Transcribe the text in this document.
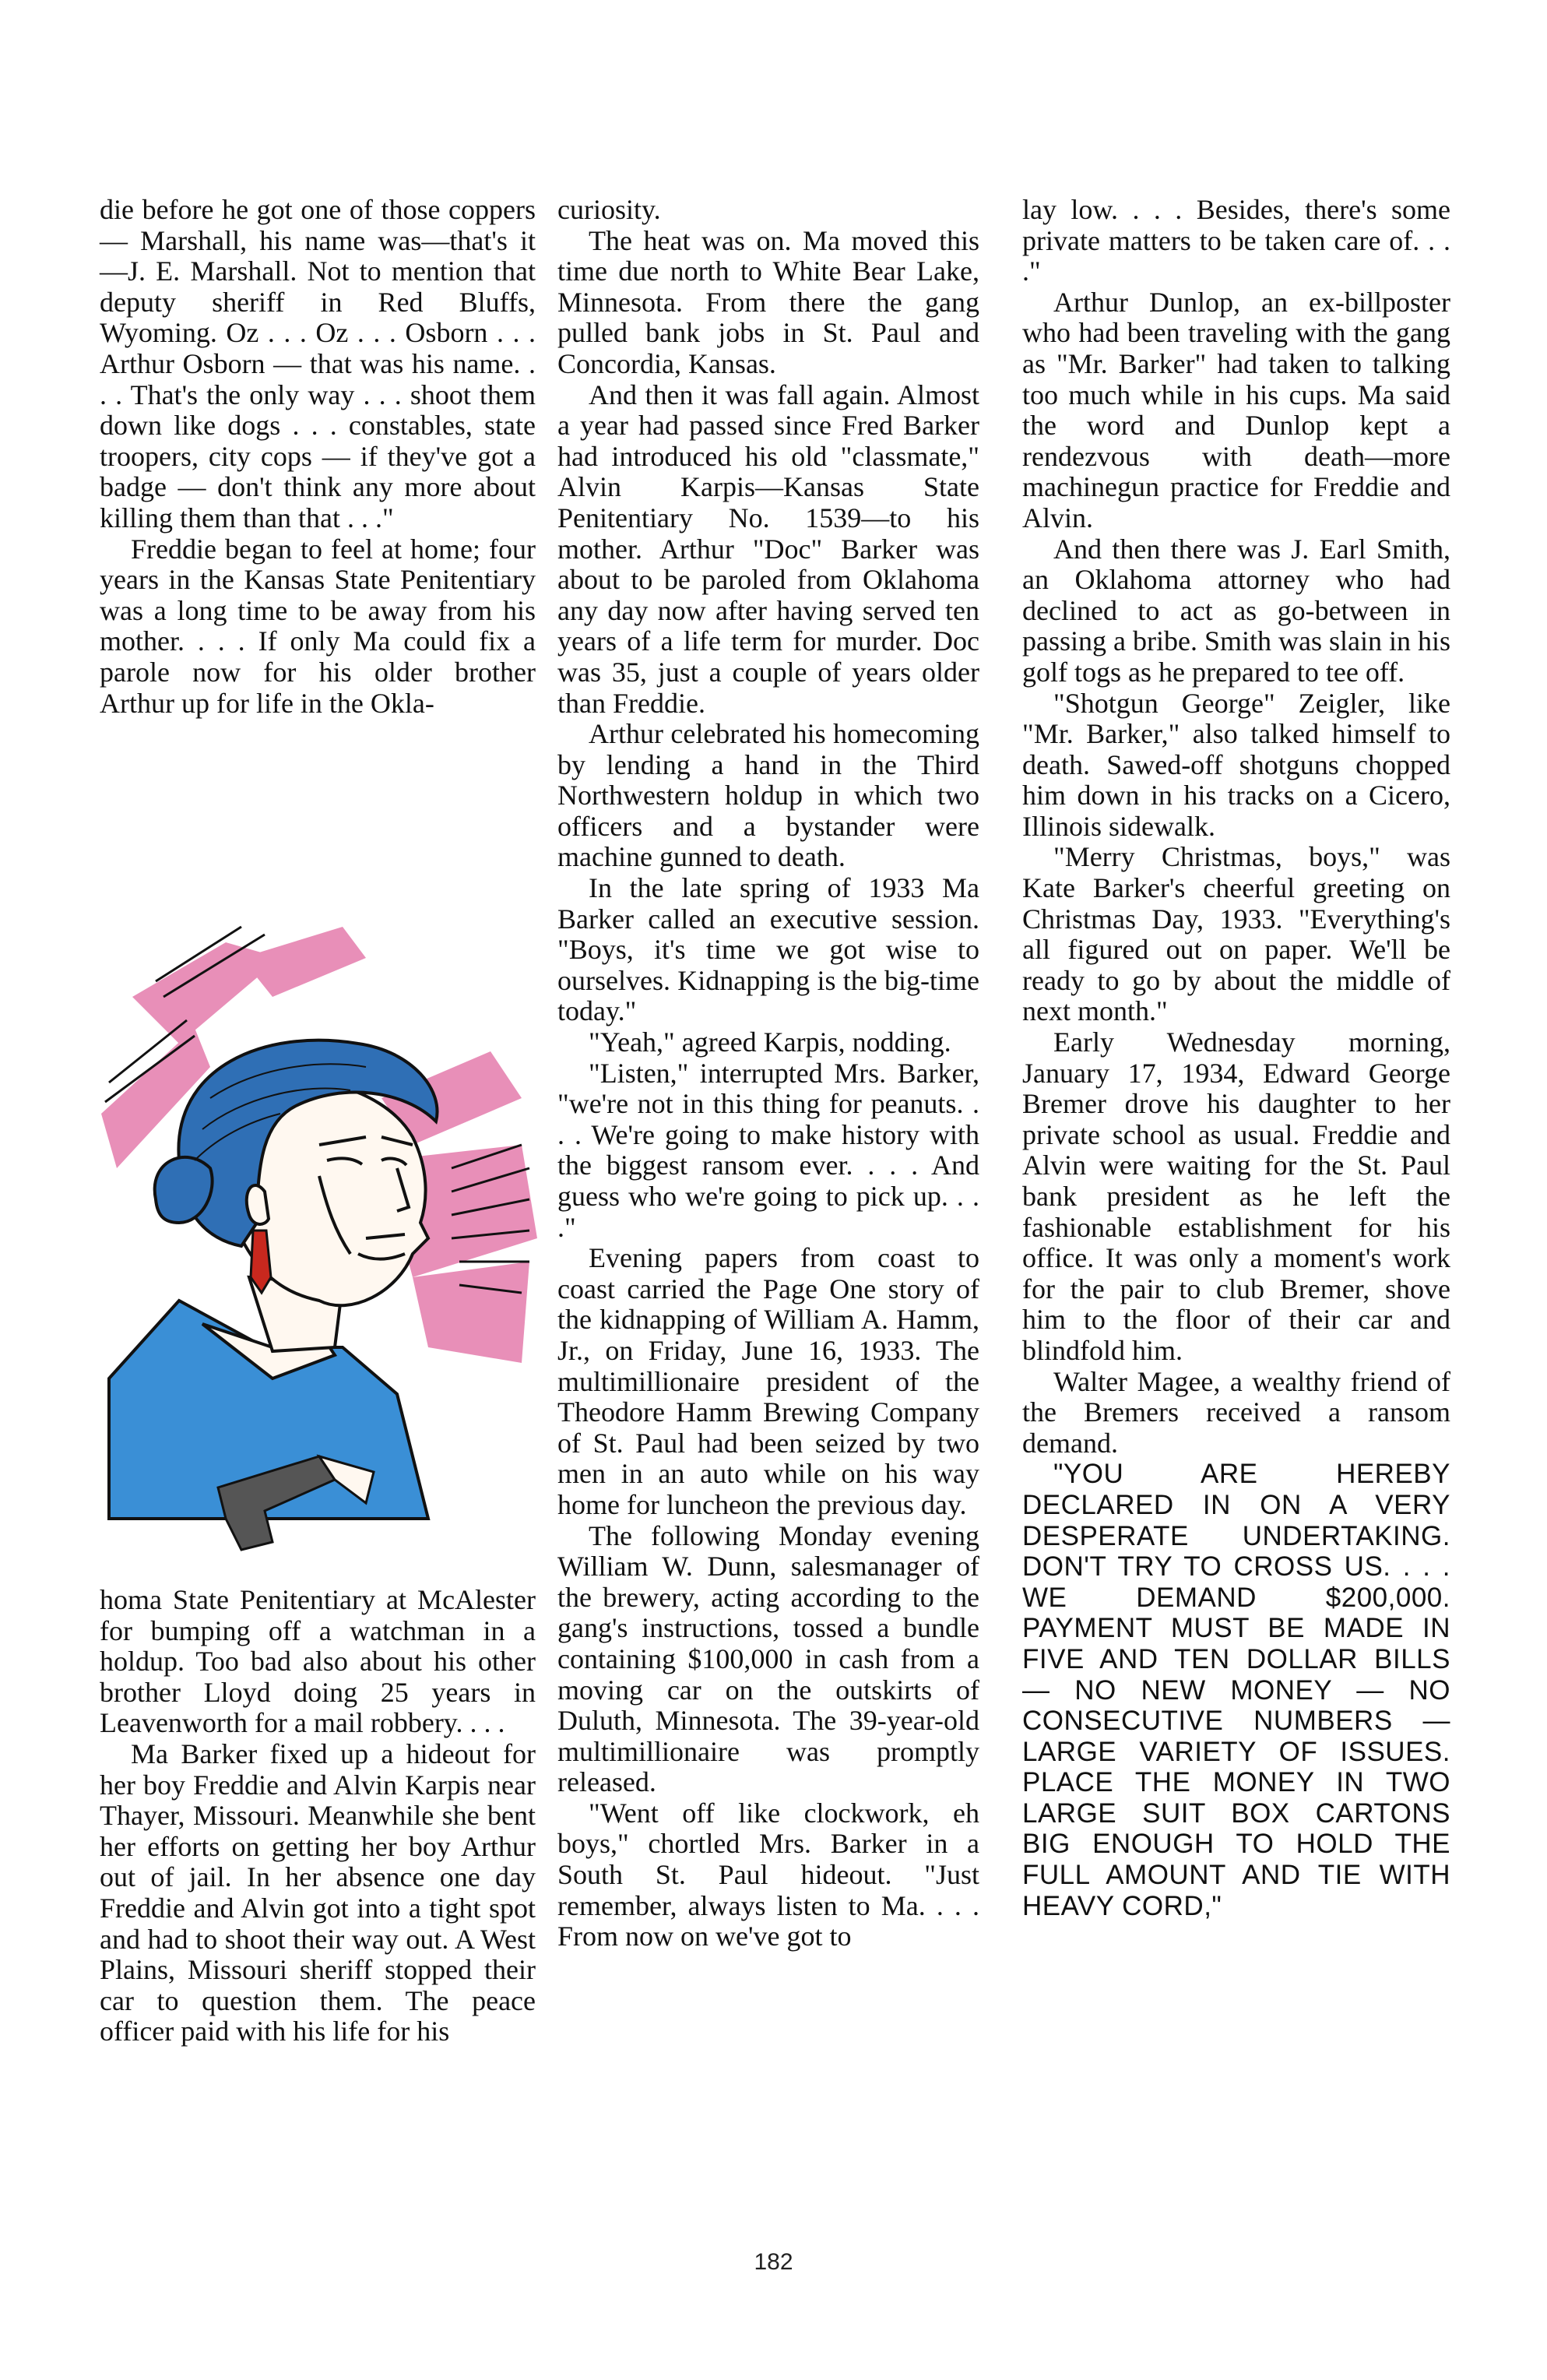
die before he got one of those coppers — Marshall, his name was—that's it—J. E. Marshall. Not to mention that deputy sheriff in Red Bluffs, Wyoming. Oz . . . Oz . . . Osborn . . . Arthur Osborn — that was his name. . . . That's the only way . . . shoot them down like dogs . . . constables, state troopers, city cops — if they've got a badge — don't think any more about killing them than that . . ."

Freddie began to feel at home; four years in the Kansas State Penitentiary was a long time to be away from his mother. . . . If only Ma could fix a parole now for his older brother Arthur up for life in the Okla-

homa State Penitentiary at McAlester for bumping off a watchman in a holdup. Too bad also about his other brother Lloyd doing 25 years in Leavenworth for a mail robbery. . . .

Ma Barker fixed up a hideout for her boy Freddie and Alvin Karpis near Thayer, Missouri. Meanwhile she bent her efforts on getting her boy Arthur out of jail. In her absence one day Freddie and Alvin got into a tight spot and had to shoot their way out. A West Plains, Missouri sheriff stopped their car to question them. The peace officer paid with his life for his

curiosity.

The heat was on. Ma moved this time due north to White Bear Lake, Minnesota. From there the gang pulled bank jobs in St. Paul and Concordia, Kansas.

And then it was fall again. Almost a year had passed since Fred Barker had introduced his old "classmate," Alvin Karpis—Kansas State Penitentiary No. 1539—to his mother. Arthur "Doc" Barker was about to be paroled from Oklahoma any day now after having served ten years of a life term for murder. Doc was 35, just a couple of years older than Freddie.

Arthur celebrated his homecoming by lending a hand in the Third Northwestern holdup in which two officers and a bystander were machine gunned to death.

In the late spring of 1933 Ma Barker called an executive session. "Boys, it's time we got wise to ourselves. Kidnapping is the big-time today."

"Yeah," agreed Karpis, nodding.

"Listen," interrupted Mrs. Barker, "we're not in this thing for peanuts. . . . We're going to make history with the biggest ransom ever. . . . And guess who we're going to pick up. . . ."

Evening papers from coast to coast carried the Page One story of the kidnapping of William A. Hamm, Jr., on Friday, June 16, 1933. The multimillionaire president of the Theodore Hamm Brewing Company of St. Paul had been seized by two men in an auto while on his way home for luncheon the previous day.

The following Monday evening William W. Dunn, salesmanager of the brewery, acting according to the gang's instructions, tossed a bundle containing $100,000 in cash from a moving car on the outskirts of Duluth, Minnesota. The 39-year-old multimillionaire was promptly released.

"Went off like clockwork, eh boys," chortled Mrs. Barker in a South St. Paul hideout. "Just remember, always listen to Ma. . . . From now on we've got to

lay low. . . . Besides, there's some private matters to be taken care of. . . ."

Arthur Dunlop, an ex-billposter who had been traveling with the gang as "Mr. Barker" had taken to talking too much while in his cups. Ma said the word and Dunlop kept a rendezvous with death—more machinegun practice for Freddie and Alvin.

And then there was J. Earl Smith, an Oklahoma attorney who had declined to act as go-between in passing a bribe. Smith was slain in his golf togs as he prepared to tee off.

"Shotgun George" Zeigler, like "Mr. Barker," also talked himself to death. Sawed-off shotguns chopped him down in his tracks on a Cicero, Illinois sidewalk.

"Merry Christmas, boys," was Kate Barker's cheerful greeting on Christmas Day, 1933. "Everything's all figured out on paper. We'll be ready to go by about the middle of next month."

Early Wednesday morning, January 17, 1934, Edward George Bremer drove his daughter to her private school as usual. Freddie and Alvin were waiting for the St. Paul bank president as he left the fashionable establishment for his office. It was only a moment's work for the pair to club Bremer, shove him to the floor of their car and blindfold him.

Walter Magee, a wealthy friend of the Bremers received a ransom demand.

"YOU ARE HEREBY DECLARED IN ON A VERY DESPERATE UNDERTAKING. DON'T TRY TO CROSS US. . . . WE DEMAND $200,000. PAYMENT MUST BE MADE IN FIVE AND TEN DOLLAR BILLS — NO NEW MONEY — NO CONSECUTIVE NUMBERS — LARGE VARIETY OF ISSUES. PLACE THE MONEY IN TWO LARGE SUIT BOX CARTONS BIG ENOUGH TO HOLD THE FULL AMOUNT AND TIE WITH HEAVY CORD,"

182
